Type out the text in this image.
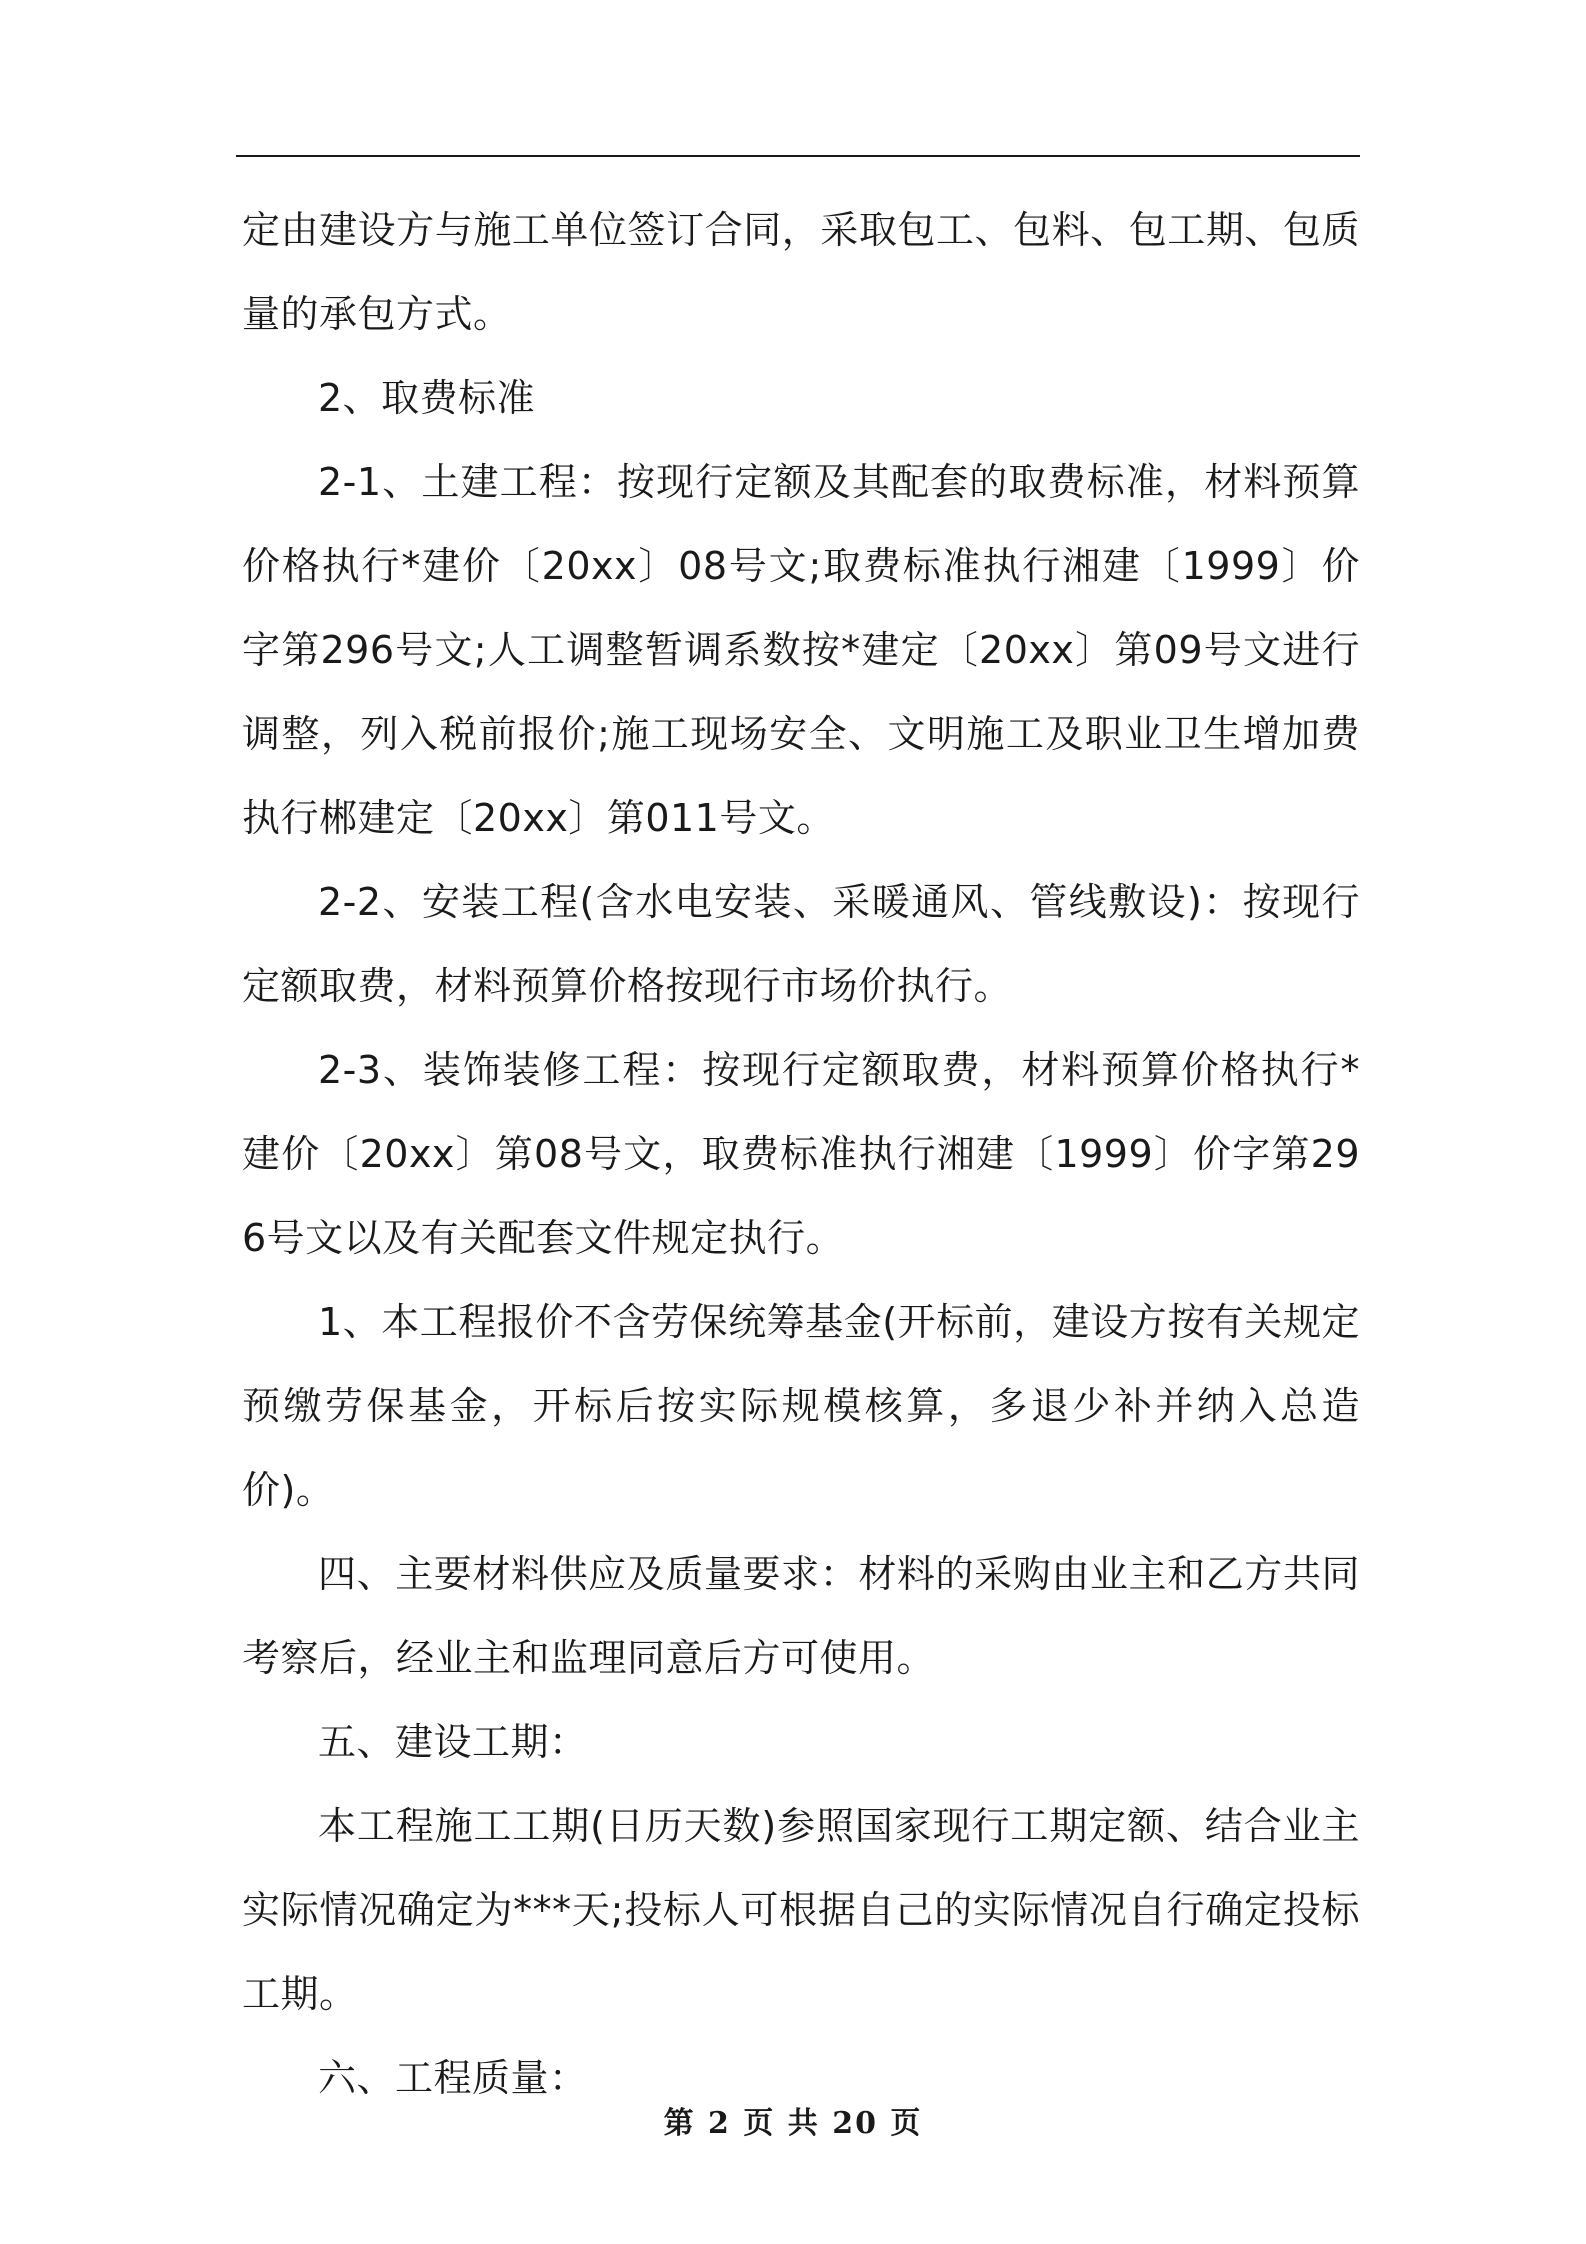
定由建设方与施工单位签订合同，采取包工、包料、包工期、包质量的承包方式。

2、取费标准

2-1、土建工程：按现行定额及其配套的取费标准，材料预算价格执行*建价〔20xx〕08号文;取费标准执行湘建〔1999〕价字第296号文;人工调整暂调系数按*建定〔20xx〕第09号文进行调整，列入税前报价;施工现场安全、文明施工及职业卫生增加费执行郴建定〔20xx〕第011号文。

2-2、安装工程(含水电安装、采暖通风、管线敷设)：按现行定额取费，材料预算价格按现行市场价执行。

2-3、装饰装修工程：按现行定额取费，材料预算价格执行*建价〔20xx〕第08号文，取费标准执行湘建〔1999〕价字第296号文以及有关配套文件规定执行。

1、本工程报价不含劳保统筹基金(开标前，建设方按有关规定预缴劳保基金，开标后按实际规模核算，多退少补并纳入总造价)。

四、主要材料供应及质量要求：材料的采购由业主和乙方共同考察后，经业主和监理同意后方可使用。

五、建设工期：

本工程施工工期(日历天数)参照国家现行工期定额、结合业主实际情况确定为***天;投标人可根据自己的实际情况自行确定投标工期。

六、工程质量：

第 2 页 共 20 页
